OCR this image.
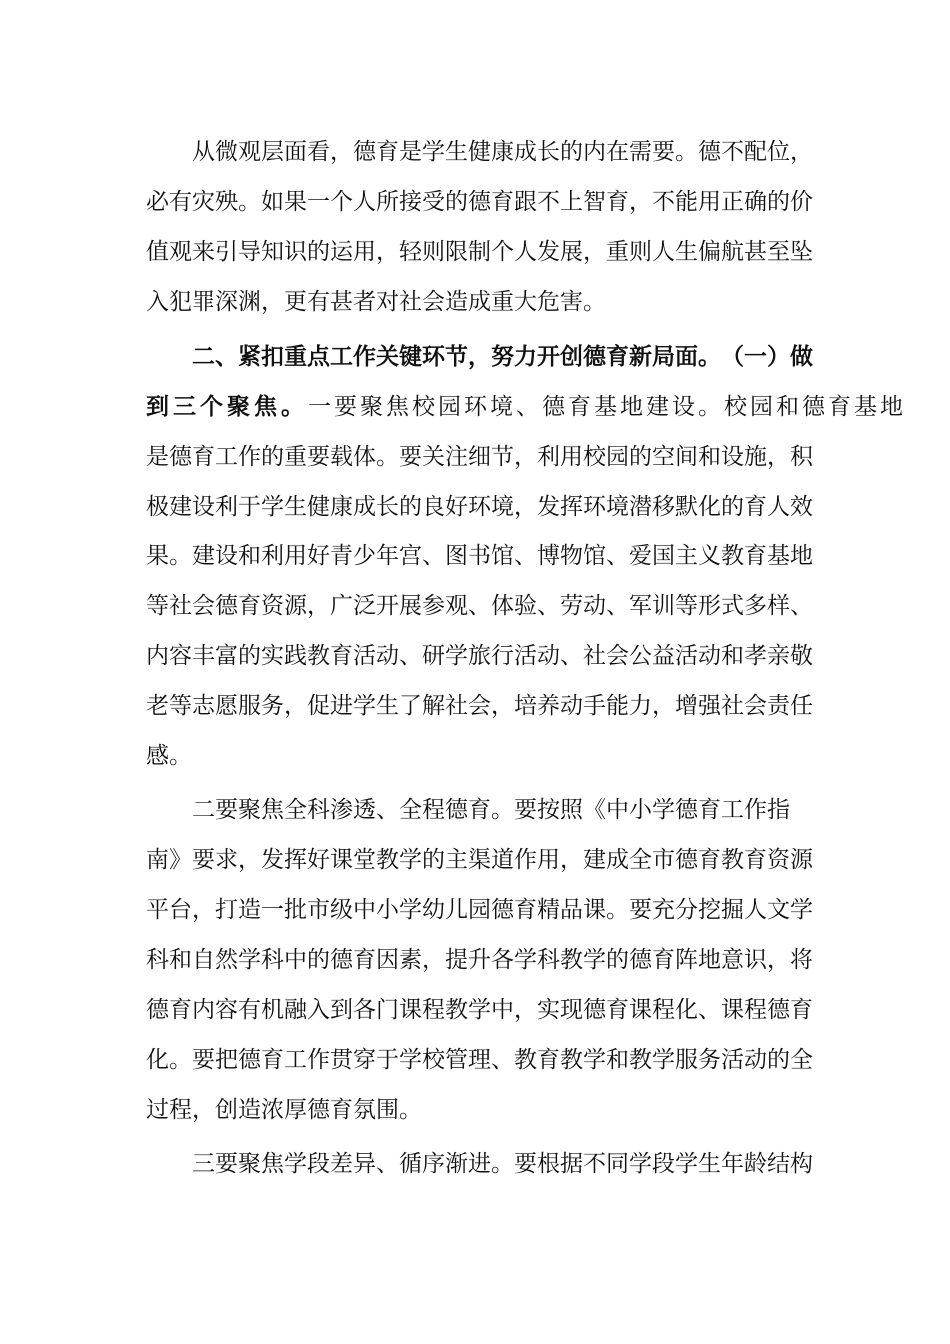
从微观层面看，德育是学生健康成长的内在需要。德不配位，
必有灾殃。如果一个人所接受的德育跟不上智育，不能用正确的价
值观来引导知识的运用，轻则限制个人发展，重则人生偏航甚至坠
入犯罪深渊，更有甚者对社会造成重大危害。
二、紧扣重点工作关键环节，努力开创德育新局面。（一）做
到三个聚焦。 一要聚焦校园环境、德育基地建设。校园和德育基地
是德育工作的重要载体。要关注细节，利用校园的空间和设施，积
极建设利于学生健康成长的良好环境，发挥环境潜移默化的育人效
果。建设和利用好青少年宫、图书馆、博物馆、爱国主义教育基地
等社会德育资源，广泛开展参观、体验、劳动、军训等形式多样、
内容丰富的实践教育活动、研学旅行活动、社会公益活动和孝亲敬
老等志愿服务，促进学生了解社会，培养动手能力，增强社会责任
感。
二要聚焦全科渗透、全程德育。要按照《中小学德育工作指
南》要求，发挥好课堂教学的主渠道作用，建成全市德育教育资源
平台，打造一批市级中小学幼儿园德育精品课。要充分挖掘人文学
科和自然学科中的德育因素，提升各学科教学的德育阵地意识，将
德育内容有机融入到各门课程教学中，实现德育课程化、课程德育
化。要把德育工作贯穿于学校管理、教育教学和教学服务活动的全
过程，创造浓厚德育氛围。
三要聚焦学段差异、循序渐进。要根据不同学段学生年龄结构
